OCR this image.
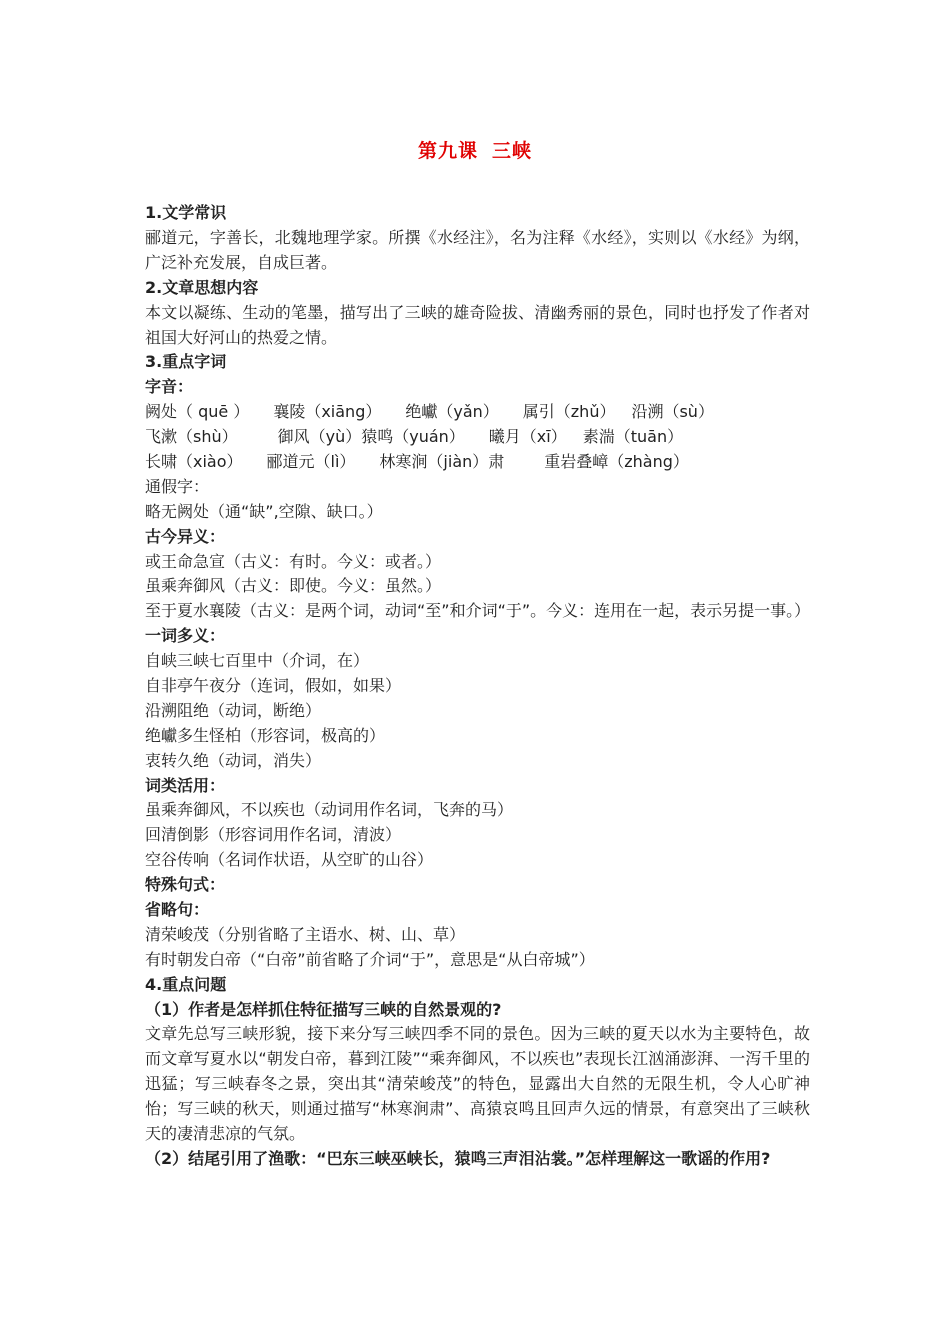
第九课 三峡
1.文学常识
郦道元，字善长，北魏地理学家。所撰《水经注》，名为注释《水经》，实则以《水经》为纲，广泛补充发展，自成巨著。
2.文章思想内容
本文以凝练、生动的笔墨，描写出了三峡的雄奇险拔、清幽秀丽的景色，同时也抒发了作者对祖国大好河山的热爱之情。
3.重点字词
字音：
阙处（ quē ） 襄陵（xiāng） 绝巘（yǎn） 属引（zhǔ） 沿溯（sù）
飞漱（shù）	御风（yù）猿鸣（yuán） 曦月（xī） 素湍（tuān）
长啸（xiào） 郦道元（lì） 林寒涧（jiàn）肃	重岩叠嶂（zhàng）
通假字：
略无阙处（通“缺”,空隙、缺口。）
古今异义：
或王命急宣（古义：有时。今义：或者。）
虽乘奔御风（古义：即使。今义：虽然。）
至于夏水襄陵（古义：是两个词，动词“至”和介词“于”。今义：连用在一起，表示另提一事。）
一词多义：
自峡三峡七百里中（介词，在）
自非亭午夜分（连词，假如，如果）
沿溯阻绝（动词，断绝）
绝巘多生怪柏（形容词，极高的）
衷转久绝（动词，消失）
词类活用：
虽乘奔御风，不以疾也（动词用作名词，飞奔的马）
回清倒影（形容词用作名词，清波）
空谷传响（名词作状语，从空旷的山谷）
特殊句式：
省略句：
清荣峻茂（分别省略了主语水、树、山、草）
有时朝发白帝（“白帝”前省略了介词“于”，意思是“从白帝城”）
4.重点问题
（1）作者是怎样抓住特征描写三峡的自然景观的?
文章先总写三峡形貌，接下来分写三峡四季不同的景色。因为三峡的夏天以水为主要特色，故而文章写夏水以“朝发白帝，暮到江陵”“乘奔御风，不以疾也”表现长江汹涌澎湃、一泻千里的迅猛；写三峡春冬之景，突出其“清荣峻茂”的特色，显露出大自然的无限生机，令人心旷神怡；写三峡的秋天，则通过描写“林寒涧肃”、高猿哀鸣且回声久远的情景，有意突出了三峡秋天的凄清悲凉的气氛。
（2）结尾引用了渔歌：“巴东三峡巫峡长，猿鸣三声泪沾裳。”怎样理解这一歌谣的作用?
